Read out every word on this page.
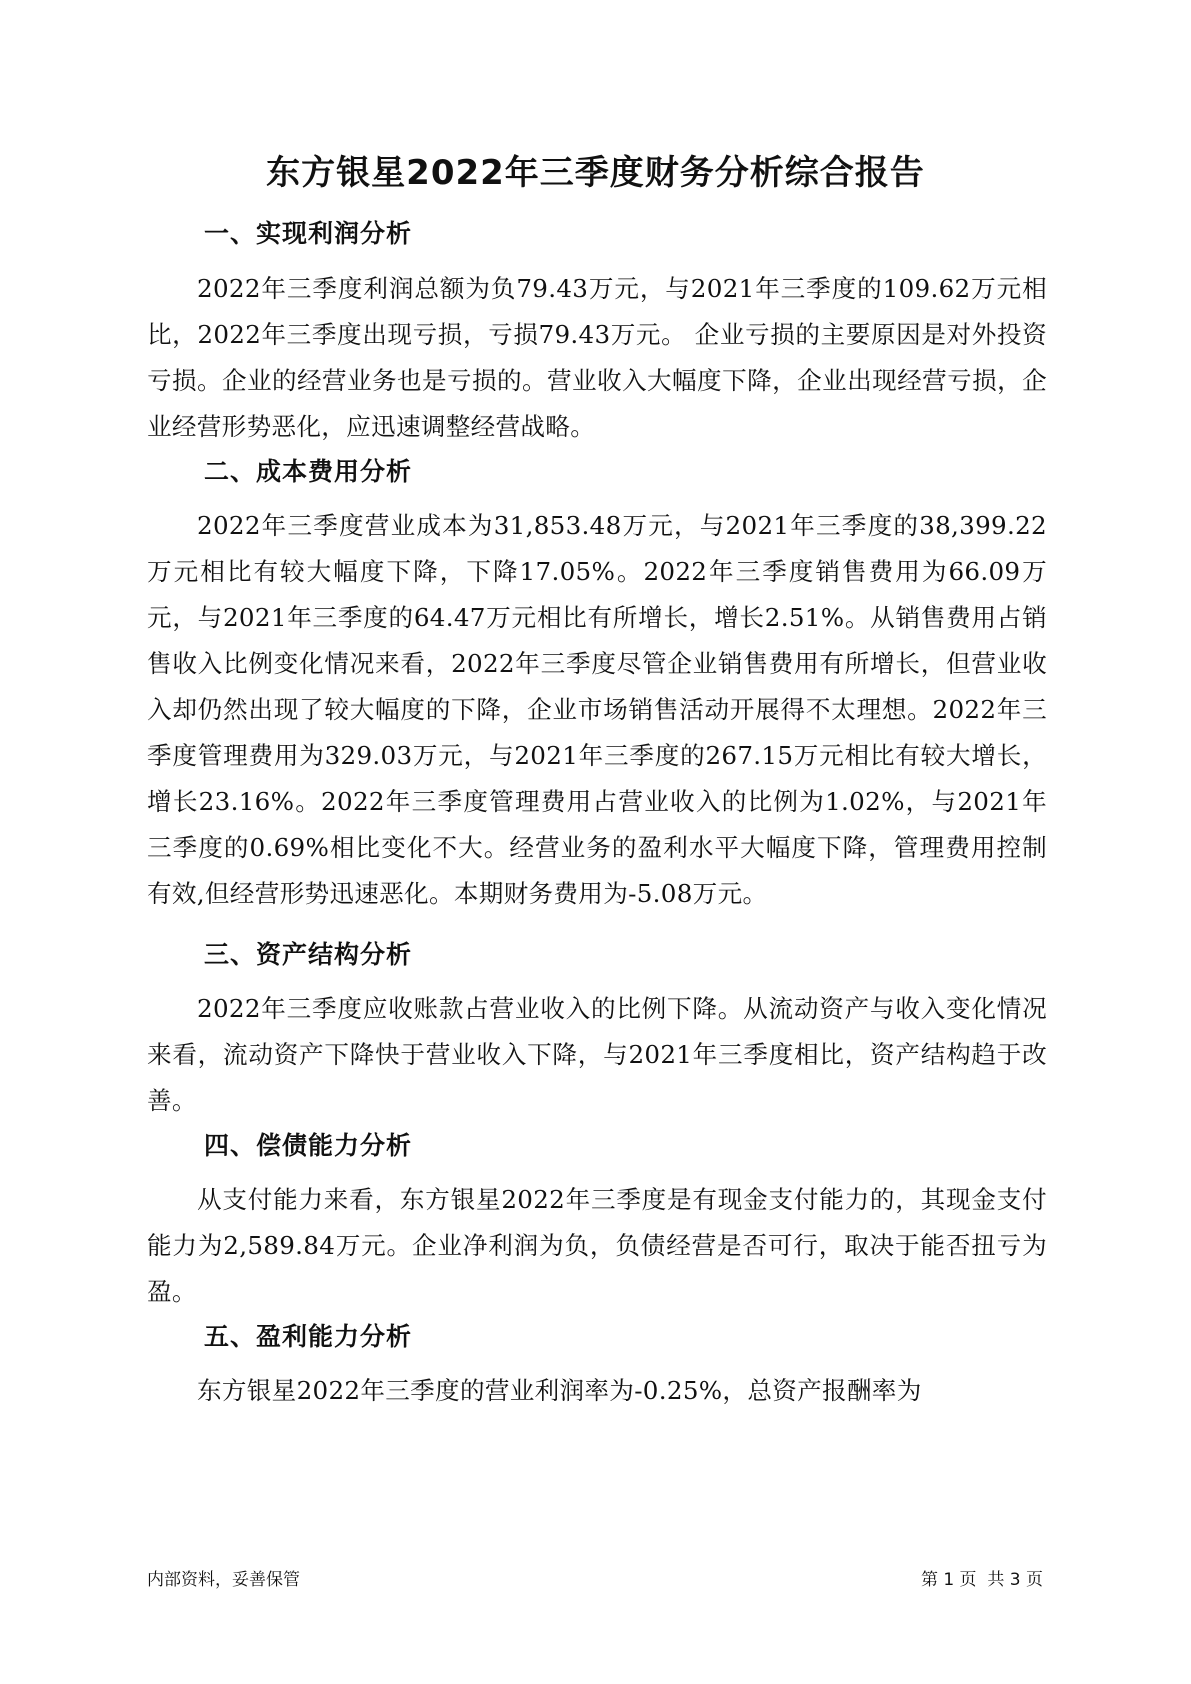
东方银星2022年三季度财务分析综合报告
一、实现利润分析
2022年三季度利润总额为负79.43万元，与2021年三季度的109.62万元相比，2022年三季度出现亏损，亏损79.43万元。 企业亏损的主要原因是对外投资亏损。企业的经营业务也是亏损的。营业收入大幅度下降，企业出现经营亏损，企业经营形势恶化，应迅速调整经营战略。
二、成本费用分析
2022年三季度营业成本为31,853.48万元，与2021年三季度的38,399.22万元相比有较大幅度下降，下降17.05%。2022年三季度销售费用为66.09万元，与2021年三季度的64.47万元相比有所增长，增长2.51%。从销售费用占销售收入比例变化情况来看，2022年三季度尽管企业销售费用有所增长，但营业收入却仍然出现了较大幅度的下降，企业市场销售活动开展得不太理想。2022年三季度管理费用为329.03万元，与2021年三季度的267.15万元相比有较大增长，增长23.16%。2022年三季度管理费用占营业收入的比例为1.02%，与2021年三季度的0.69%相比变化不大。经营业务的盈利水平大幅度下降，管理费用控制有效,但经营形势迅速恶化。本期财务费用为-5.08万元。
三、资产结构分析
2022年三季度应收账款占营业收入的比例下降。从流动资产与收入变化情况来看，流动资产下降快于营业收入下降，与2021年三季度相比，资产结构趋于改善。
四、偿债能力分析
从支付能力来看，东方银星2022年三季度是有现金支付能力的，其现金支付能力为2,589.84万元。企业净利润为负，负债经营是否可行，取决于能否扭亏为盈。
五、盈利能力分析
东方银星2022年三季度的营业利润率为-0.25%，总资产报酬率为
内部资料，妥善保管	第 1 页  共 3 页
